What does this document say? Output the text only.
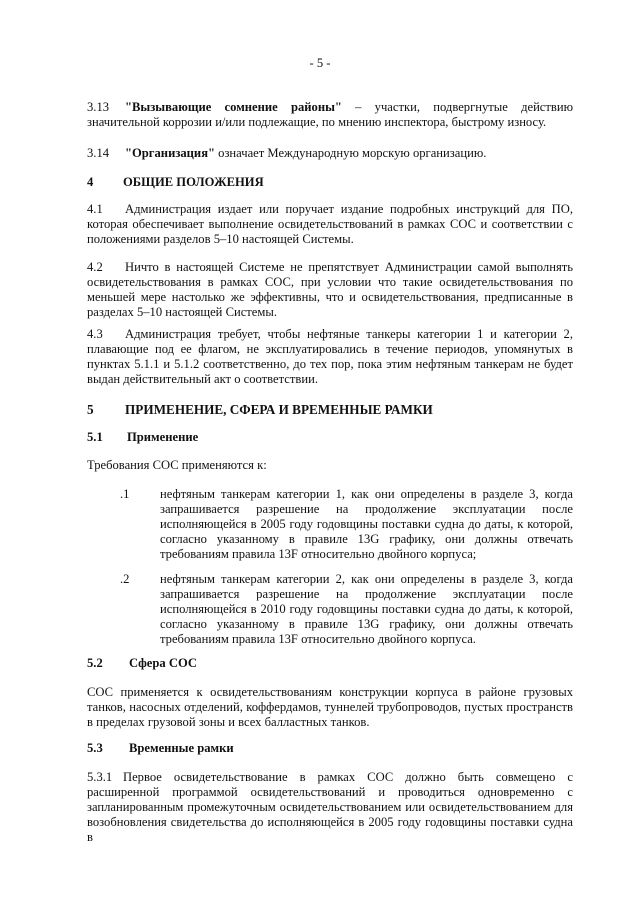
- 5 -

3.13 "Вызывающие сомнение районы" – участки, подвергнутые действию значительной коррозии и/или подлежащие, по мнению инспектора, быстрому износу.

3.14 "Организация" означает Международную морскую организацию.

4 ОБЩИЕ ПОЛОЖЕНИЯ

4.1 Администрация издает или поручает издание подробных инструкций для ПО, которая обеспечивает выполнение освидетельствований в рамках СОС и соответствии с положениями разделов 5–10 настоящей Системы.

4.2 Ничто в настоящей Системе не препятствует Администрации самой выполнять освидетельствования в рамках СОС, при условии что такие освидетельствования по меньшей мере настолько же эффективны, что и освидетельствования, предписанные в разделах 5–10 настоящей Системы.

4.3 Администрация требует, чтобы нефтяные танкеры категории 1 и категории 2, плавающие под ее флагом, не эксплуатировались в течение периодов, упомянутых в пунктах 5.1.1 и 5.1.2 соответственно, до тех пор, пока этим нефтяным танкерам не будет выдан действительный акт о соответствии.

5 ПРИМЕНЕНИЕ, СФЕРА И ВРЕМЕННЫЕ РАМКИ
5.1 Применение

Требования СОС применяются к:

.1 нефтяным танкерам категории 1, как они определены в разделе 3, когда запрашивается разрешение на продолжение эксплуатации после исполняющейся в 2005 году годовщины поставки судна до даты, к которой, согласно указанному в правиле 13G графику, они должны отвечать требованиям правила 13F относительно двойного корпуса;

.2 нефтяным танкерам категории 2, как они определены в разделе 3, когда запрашивается разрешение на продолжение эксплуатации после исполняющейся в 2010 году годовщины поставки судна до даты, к которой, согласно указанному в правиле 13G графику, они должны отвечать требованиям правила 13F относительно двойного корпуса.

5.2 Сфера СОС

СОС применяется к освидетельствованиям конструкции корпуса в районе грузовых танков, насосных отделений, коффердамов, туннелей трубопроводов, пустых пространств в пределах грузовой зоны и всех балластных танков.

5.3 Временные рамки

5.3.1 Первое освидетельствование в рамках СОС должно быть совмещено с расширенной программой освидетельствований и проводиться одновременно с запланированным промежуточным освидетельствованием или освидетельствованием для возобновления свидетельства до исполняющейся в 2005 году годовщины поставки судна в
